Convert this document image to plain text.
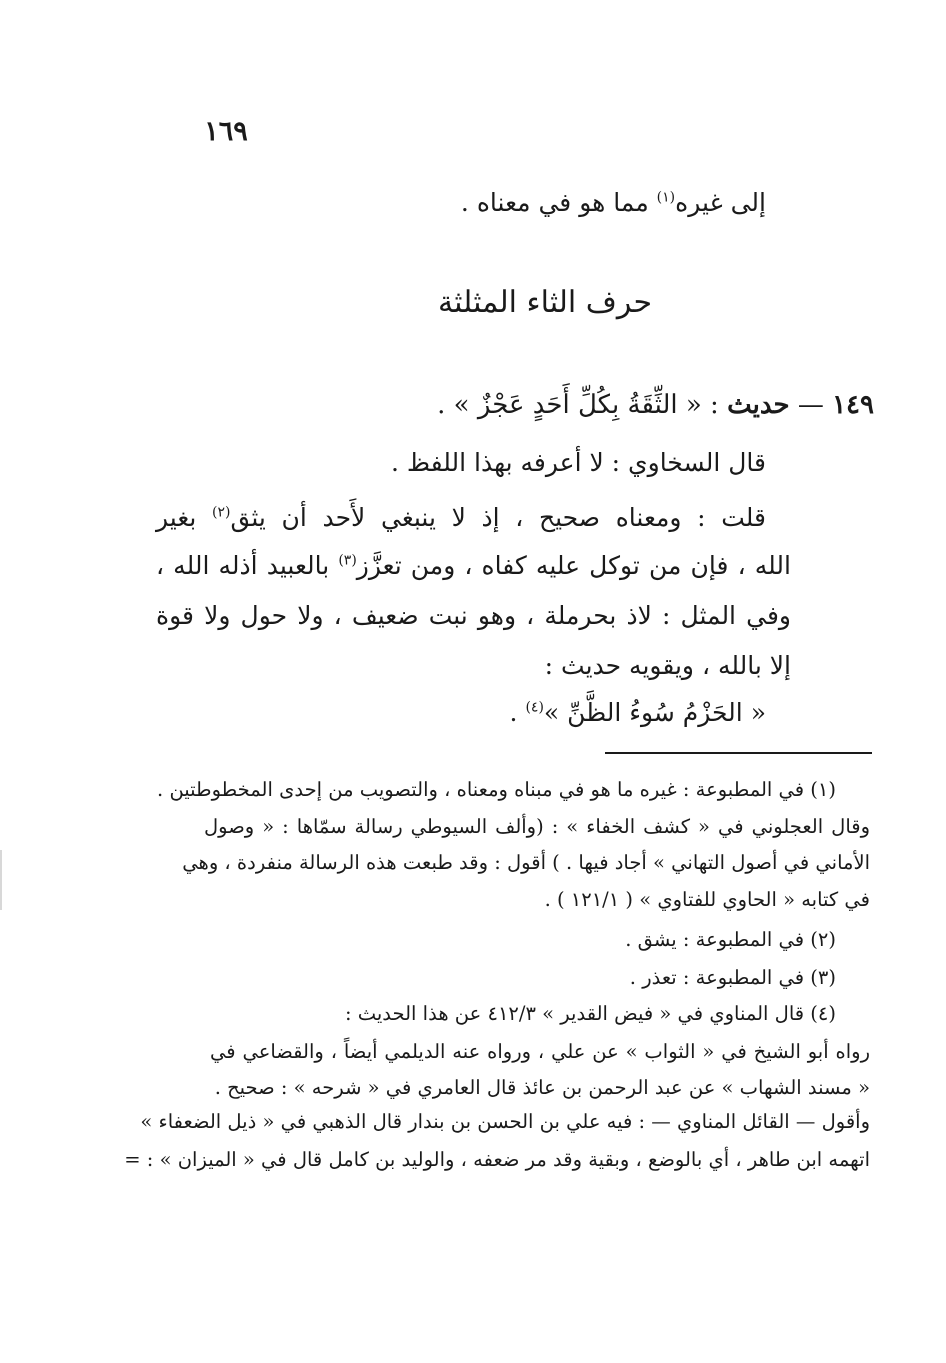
١٦٩
إلى غيره$^{(١)}$ مما هو في معناه .
حرف الثاء المثلثة
١٤٩ — حديث : « الثِّقَةُ بِكُلِّ أَحَدٍ عَجْزٌ » .
قال السخاوي : لا أعرفه بهذا اللفظ .
قلت : ومعناه صحيح ، إذ لا ينبغي لأَحد أن يثق$^{(٢)}$ بغير
الله ، فإن من توكل عليه كفاه ، ومن تعزَّز$^{(٣)}$ بالعبيد أذله الله ،
وفي المثل : لاذ بحرملة ، وهو نبت ضعيف ، ولا حول ولا قوة
إلا بالله ، ويقويه حديث :
« الحَزْمُ سُوءُ الظَّنِّ »$^{(٤)}$ .
(١) في المطبوعة : غيره ما هو في مبناه ومعناه ، والتصويب من إحدى المخطوطتين .
وقال العجلوني في « كشف الخفاء » : (وألف السيوطي رسالة سمّاها : « وصول
الأماني في أصول التهاني » أجاد فيها . ) أقول : وقد طبعت هذه الرسالة منفردة ، وهي
في كتابه « الحاوي للفتاوي » ( ١٢١/١ ) .
(٢) في المطبوعة : يشق .
(٣) في المطبوعة : تعذر .
(٤) قال المناوي في « فيض القدير » ٤١٢/٣ عن هذا الحديث :
رواه أبو الشيخ في « الثواب » عن علي ، ورواه عنه الديلمي أيضاً ، والقضاعي في
« مسند الشهاب » عن عبد الرحمن بن عائذ قال العامري في « شرحه » : صحيح .
وأقول — القائل المناوي — : فيه علي بن الحسن بن بندار قال الذهبي في « ذيل الضعفاء »
اتهمه ابن طاهر ، أي بالوضع ، وبقية وقد مر ضعفه ، والوليد بن كامل قال في « الميزان » : =
